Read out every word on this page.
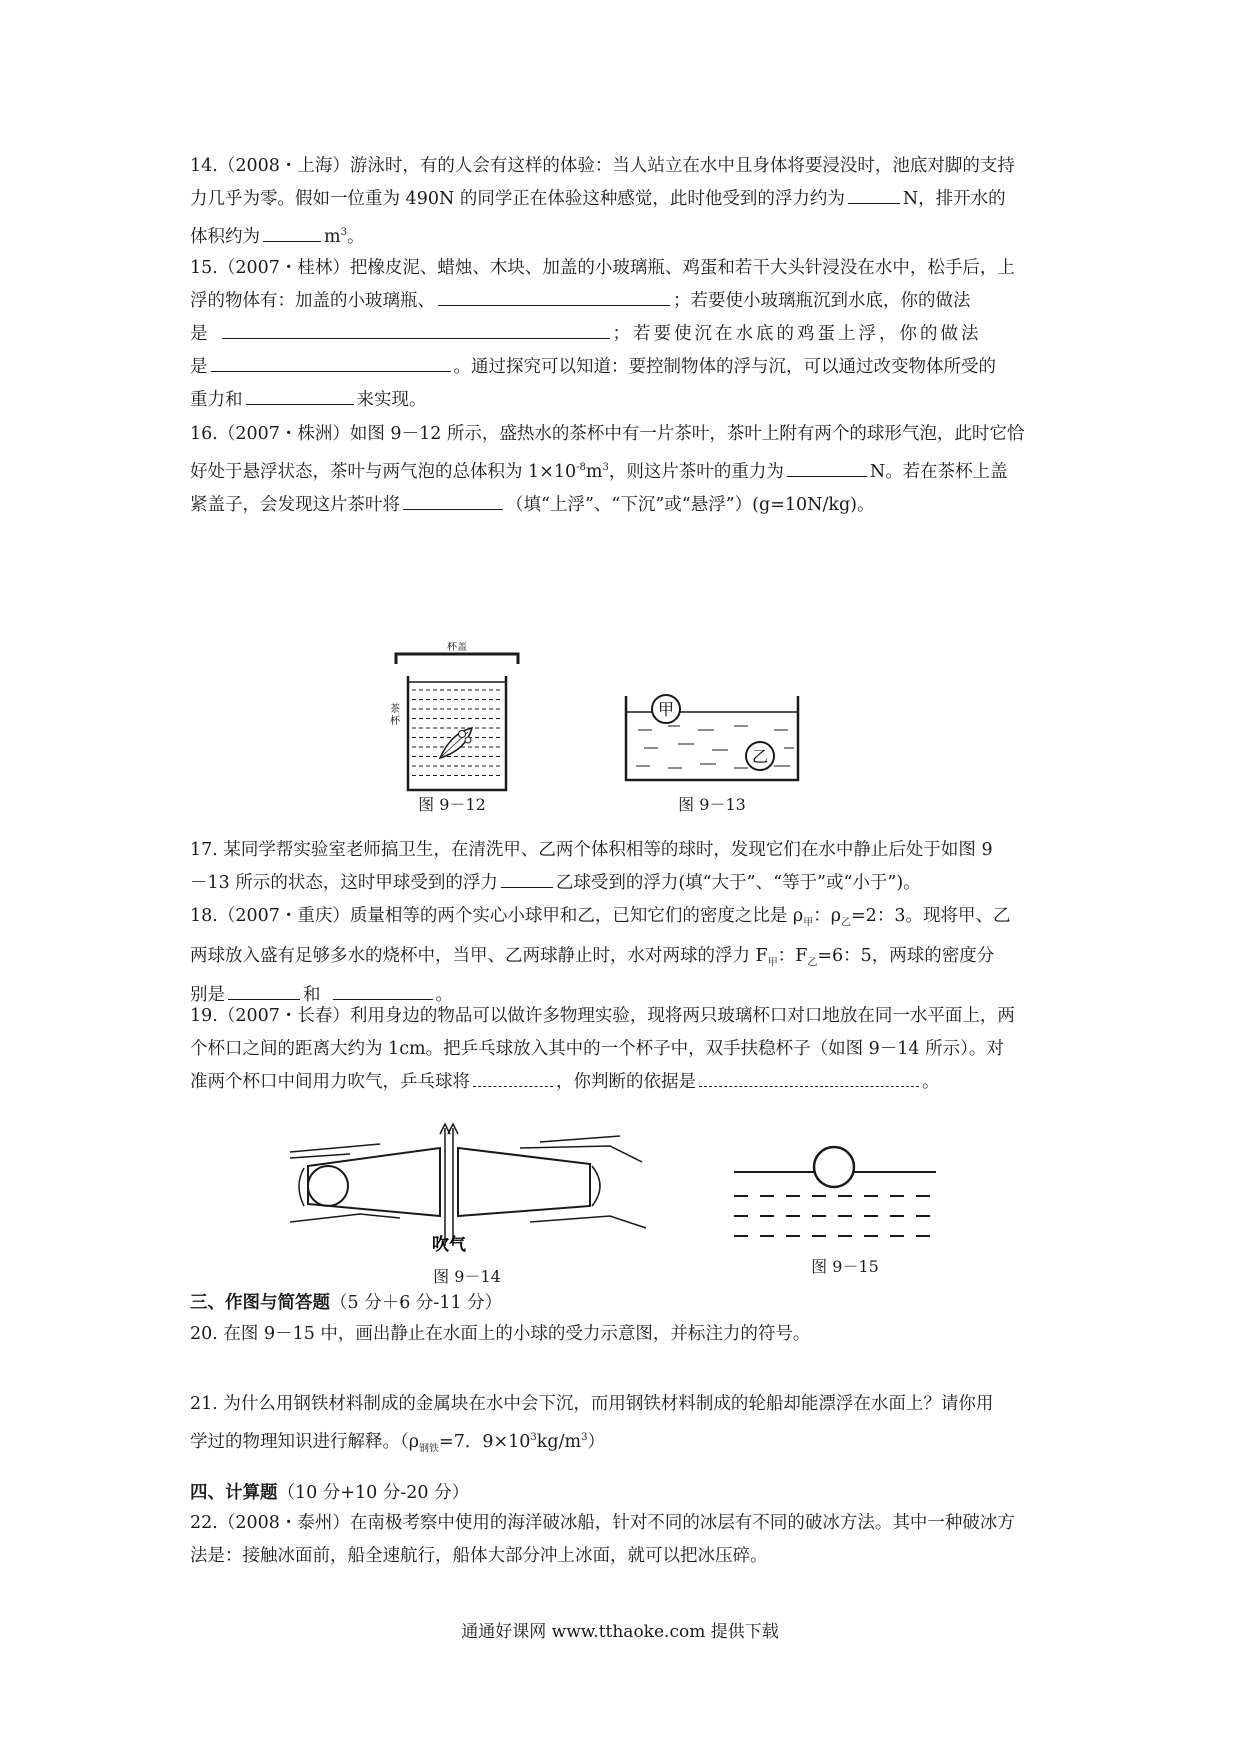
14.（2008・上海）游泳时，有的人会有这样的体验：当人站立在水中且身体将要浸没时，池底对脚的支持

力几乎为零。假如一位重为 490N 的同学正在体验这种感觉，此时他受到的浮力约为	N，排开水的

体积约为	$m^3$。

15.（2007・桂林）把橡皮泥、蜡烛、木块、加盖的小玻璃瓶、鸡蛋和若干大头针浸没在水中，松手后，上

浮的物体有：加盖的小玻璃瓶、	；若要使小玻璃瓶沉到水底，你的做法

是	；若要使沉在水底的鸡蛋上浮，你的做法

是	。通过探究可以知道：要控制物体的浮与沉，可以通过改变物体所受的

重力和	来实现。

16.（2007・株洲）如图 9－12 所示，盛热水的茶杯中有一片茶叶，茶叶上附有两个的球形气泡，此时它恰

好处于悬浮状态，茶叶与两气泡的总体积为 $1\times 10^{-8}m^3$，则这片茶叶的重力为	N。若在茶杯上盖

紧盖子，会发现这片茶叶将	（填“上浮”、“下沉”或“悬浮”）(g=10N/kg)。

杯盖
茶杯
图 9－12
甲
乙
图 9－13

17. 某同学帮实验室老师搞卫生，在清洗甲、乙两个体积相等的球时，发现它们在水中静止后处于如图 9

－13 所示的状态，这时甲球受到的浮力	乙球受到的浮力(填“大于”、“等于”或“小于”)。

18.（2007・重庆）质量相等的两个实心小球甲和乙，已知它们的密度之比是 $\rho_甲$：$\rho_乙=2$：3。现将甲、乙

两球放入盛有足够多水的烧杯中，当甲、乙两球静止时，水对两球的浮力 $F_甲$：$F_乙=6$：5，两球的密度分

别是	和	。

19.（2007・长春）利用身边的物品可以做许多物理实验，现将两只玻璃杯口对口地放在同一水平面上，两

个杯口之间的距离大约为 1cm。把乒乓球放入其中的一个杯子中，双手扶稳杯子（如图 9－14 所示）。对

准两个杯口中间用力吹气，乒乓球将	，你判断的依据是	。

吹气
图 9－14
图 9－15
三、作图与简答题（5 分＋6 分-11 分）

20. 在图 9－15 中，画出静止在水面上的小球的受力示意图，并标注力的符号。

21. 为什么用钢铁材料制成的金属块在水中会下沉，而用钢铁材料制成的轮船却能漂浮在水面上？请你用

学过的物理知识进行解释。（$\rho_{钢铁}=7$．$9\times 10^3kg/m^3$）

四、计算题（10 分+10 分-20 分）

22.（2008・泰州）在南极考察中使用的海洋破冰船，针对不同的冰层有不同的破冰方法。其中一种破冰方

法是：接触冰面前，船全速航行，船体大部分冲上冰面，就可以把冰压碎。

通通好课网 www.tthaoke.com 提供下载
